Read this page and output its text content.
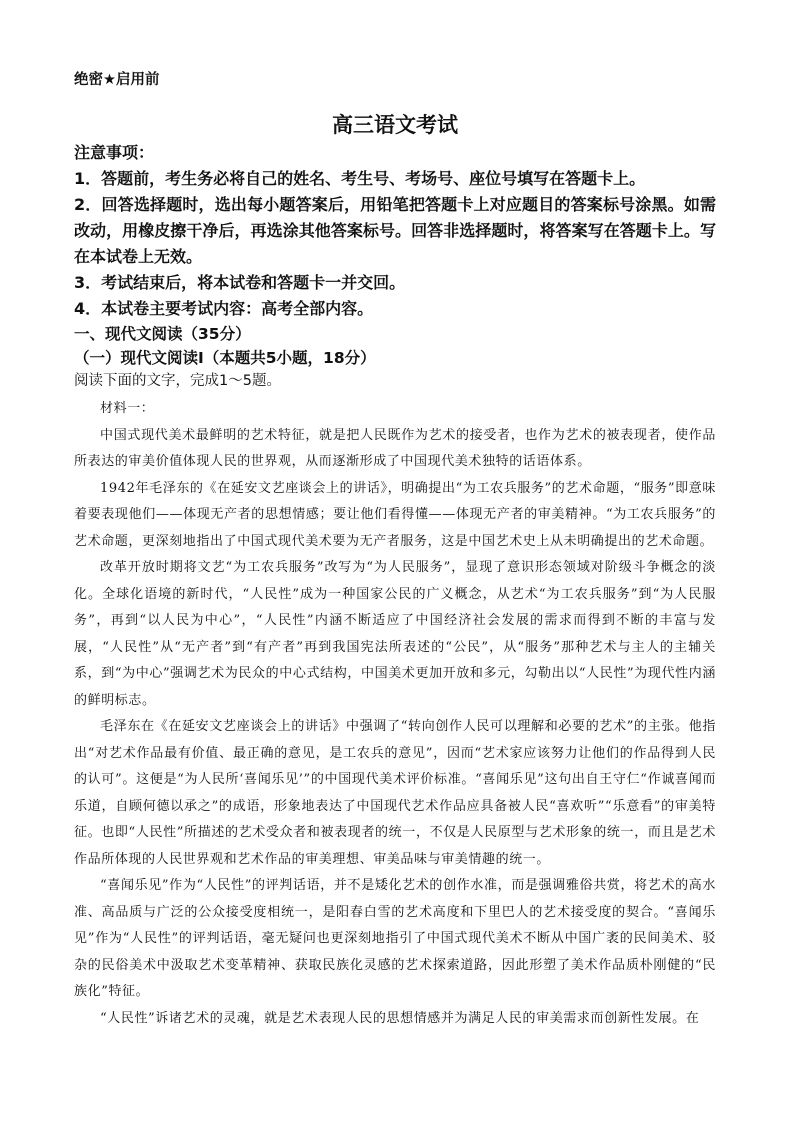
绝密★启用前
高三语文考试
注意事项：
1．答题前，考生务必将自己的姓名、考生号、考场号、座位号填写在答题卡上。
2．回答选择题时，选出每小题答案后，用铅笔把答题卡上对应题目的答案标号涂黑。如需改动，用橡皮擦干净后，再选涂其他答案标号。回答非选择题时，将答案写在答题卡上。写在本试卷上无效。
3．考试结束后，将本试卷和答题卡一并交回。
4．本试卷主要考试内容：高考全部内容。
一、现代文阅读（35分）
（一）现代文阅读Ⅰ（本题共5小题，18分）
阅读下面的文字，完成1～5题。

材料一：

中国式现代美术最鲜明的艺术特征，就是把人民既作为艺术的接受者，也作为艺术的被表现者，使作品所表达的审美价值体现人民的世界观，从而逐渐形成了中国现代美术独特的话语体系。

1942年毛泽东的《在延安文艺座谈会上的讲话》，明确提出“为工农兵服务”的艺术命题，“服务”即意味着要表现他们——体现无产者的思想情感；要让他们看得懂——体现无产者的审美精神。“为工农兵服务”的艺术命题，更深刻地指出了中国式现代美术要为无产者服务，这是中国艺术史上从未明确提出的艺术命题。

改革开放时期将文艺“为工农兵服务”改写为“为人民服务”，显现了意识形态领域对阶级斗争概念的淡化。全球化语境的新时代，“人民性”成为一种国家公民的广义概念，从艺术“为工农兵服务”到“为人民服务”，再到“以人民为中心”，“人民性”内涵不断适应了中国经济社会发展的需求而得到不断的丰富与发展，“人民性”从“无产者”到“有产者”再到我国宪法所表述的“公民”，从“服务”那种艺术与主人的主辅关系，到“为中心”强调艺术为民众的中心式结构，中国美术更加开放和多元，勾勒出以“人民性”为现代性内涵的鲜明标志。

毛泽东在《在延安文艺座谈会上的讲话》中强调了“转向创作人民可以理解和必要的艺术”的主张。他指出“对艺术作品最有价值、最正确的意见，是工农兵的意见”，因而“艺术家应该努力让他们的作品得到人民的认可”。这便是“为人民所‘喜闻乐见’”的中国现代美术评价标准。“喜闻乐见”这句出自王守仁“作诚喜闻而乐道，自顾何德以承之”的成语，形象地表达了中国现代艺术作品应具备被人民“喜欢听”“乐意看”的审美特征。也即“人民性”所描述的艺术受众者和被表现者的统一，不仅是人民原型与艺术形象的统一，而且是艺术作品所体现的人民世界观和艺术作品的审美理想、审美品味与审美情趣的统一。

“喜闻乐见”作为“人民性”的评判话语，并不是矮化艺术的创作水准，而是强调雅俗共赏，将艺术的高水准、高品质与广泛的公众接受度相统一，是阳春白雪的艺术高度和下里巴人的艺术接受度的契合。“喜闻乐见”作为“人民性”的评判话语，毫无疑问也更深刻地指引了中国式现代美术不断从中国广袤的民间美术、驳杂的民俗美术中汲取艺术变革精神、获取民族化灵感的艺术探索道路，因此形塑了美术作品质朴刚健的“民族化”特征。

“人民性”诉诸艺术的灵魂，就是艺术表现人民的思想情感并为满足人民的审美需求而创新性发展。在
